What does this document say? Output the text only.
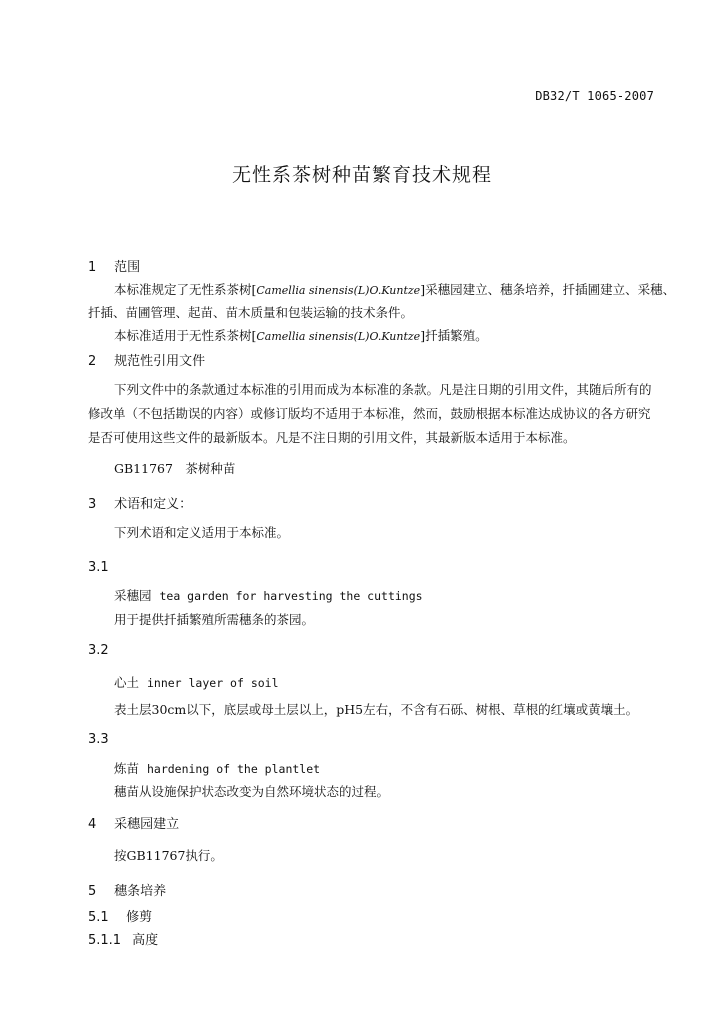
DB32/T 1065-2007
无性系茶树种苗繁育技术规程
1 范围
本标准规定了无性系茶树[Camellia sinensis(L)O.Kuntze]采穗园建立、穗条培养，扦插圃建立、采穗、
扦插、苗圃管理、起苗、苗木质量和包装运输的技术条件。
本标准适用于无性系茶树[Camellia sinensis(L)O.Kuntze]扦插繁殖。
2 规范性引用文件
下列文件中的条款通过本标准的引用而成为本标准的条款。凡是注日期的引用文件，其随后所有的修改单（不包括勘误的内容）或修订版均不适用于本标准，然而，鼓励根据本标准达成协议的各方研究是否可使用这些文件的最新版本。凡是不注日期的引用文件，其最新版本适用于本标准。
GB11767　茶树种苗
3 术语和定义：
下列术语和定义适用于本标准。
3.1
采穗园 tea garden for harvesting the cuttings
用于提供扦插繁殖所需穗条的茶园。
3.2
心土 inner layer of soil
表土层30cm以下，底层或母土层以上，pH5左右，不含有石砾、树根、草根的红壤或黄壤土。
3.3
炼苗 hardening of the plantlet
穗苗从设施保护状态改变为自然环境状态的过程。
4 采穗园建立
按GB11767执行。
5 穗条培养
5.1 修剪
5.1.1 高度
